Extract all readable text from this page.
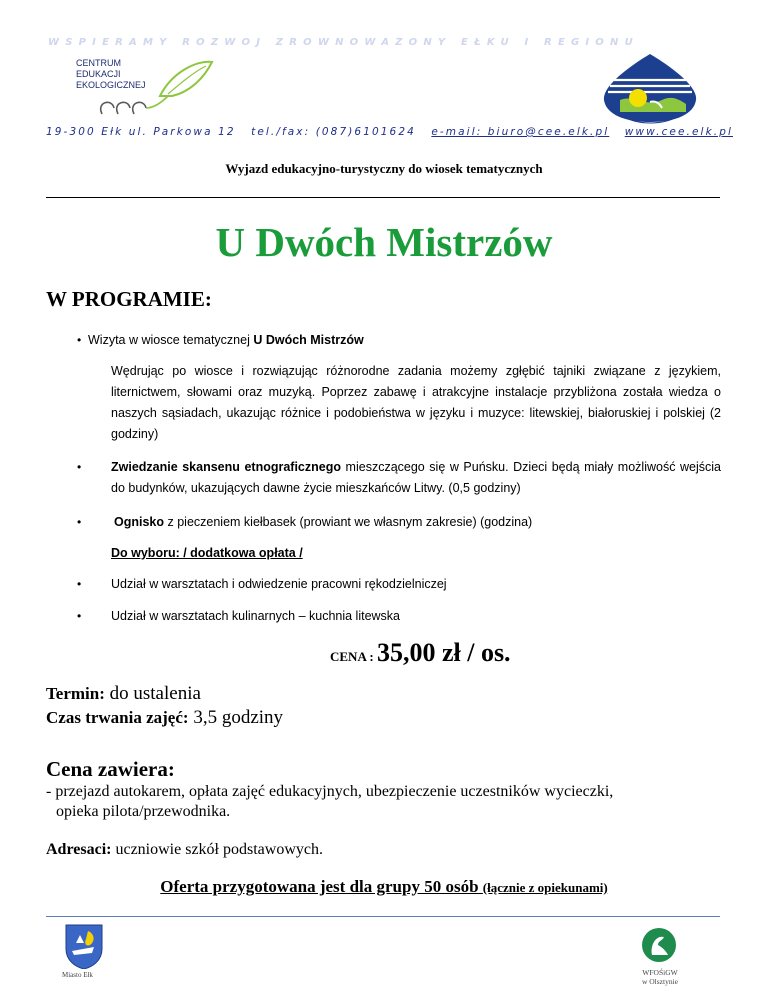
WSPIERAMY ROZWÓJ ZRÓWNOWAŻONY EŁKU I REGIONU
CENTRUM
EDUKACJI
EKOLOGICZNEJ
19-300 Ełk ul. Parkowa 12 tel./fax: (087)6101624 e-mail: biuro@cee.elk.pl www.cee.elk.pl
Wyjazd edukacyjno-turystyczny do wiosek tematycznych
U Dwóch Mistrzów
W PROGRAMIE:
• Wizyta w wiosce tematycznej U Dwóch Mistrzów
Wędrując po wiosce i rozwiązując różnorodne zadania możemy zgłębić tajniki związane z językiem, liternictwem, słowami oraz muzyką. Poprzez zabawę i atrakcyjne instalacje przybliżona została wiedza o naszych sąsiadach, ukazując różnice i podobieństwa w języku i muzyce: litewskiej, białoruskiej i polskiej (2 godziny)
• Zwiedzanie skansenu etnograficznego mieszczącego się w Puńsku. Dzieci będą miały możliwość wejścia do budynków, ukazujących dawne życie mieszkańców Litwy. (0,5 godziny)
• Ognisko z pieczeniem kiełbasek (prowiant we własnym zakresie) (godzina)
Do wyboru: / dodatkowa opłata /
• Udział w warsztatach i odwiedzenie pracowni rękodzielniczej
• Udział w warsztatach kulinarnych – kuchnia litewska
CENA : 35,00 zł / os.
Termin: do ustalenia
Czas trwania zajęć: 3,5 godziny
Cena zawiera:
- przejazd autokarem, opłata zajęć edukacyjnych, ubezpieczenie uczestników wycieczki,
opieka pilota/przewodnika.
Adresaci: uczniowie szkół podstawowych.
Oferta przygotowana jest dla grupy 50 osób (łącznie z opiekunami)
Miasto Ełk	WFOŚiGW
w Olsztynie
